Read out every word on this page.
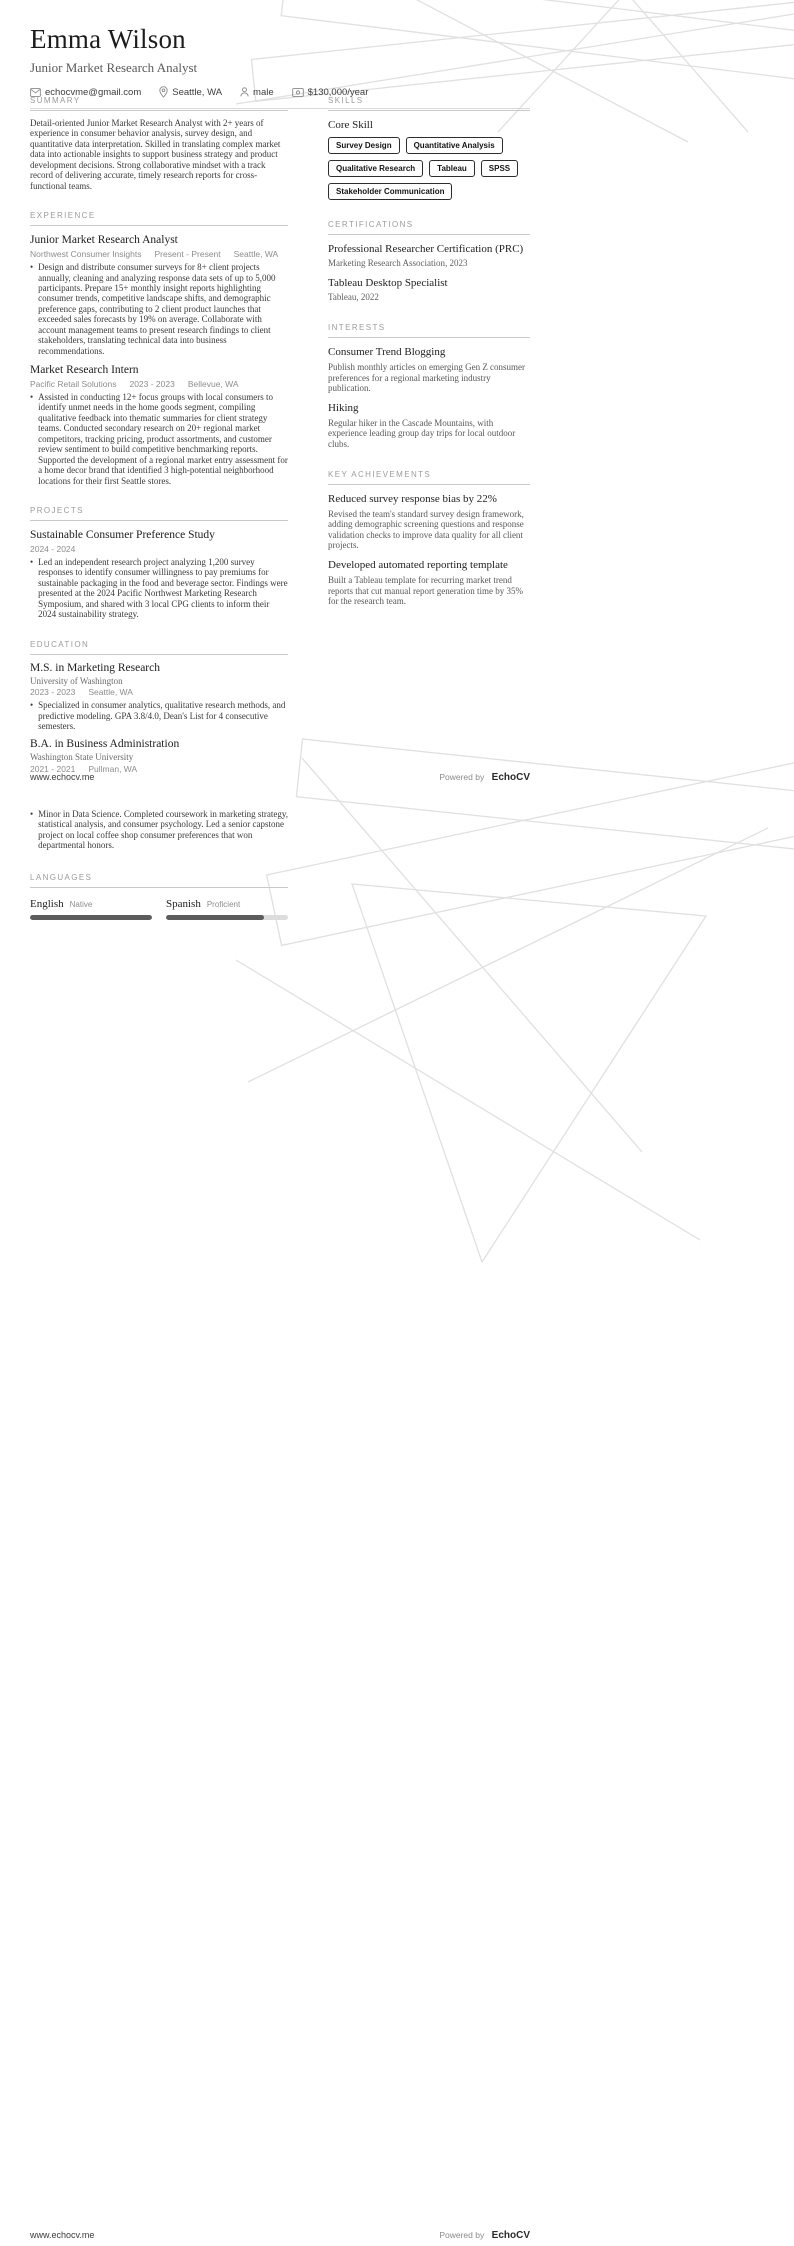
Emma Wilson
Junior Market Research Analyst
echocvme@gmail.com	Seattle, WA	male	$130,000/year
SUMMARY
Detail-oriented Junior Market Research Analyst with 2+ years of experience in consumer behavior analysis, survey design, and quantitative data interpretation. Skilled in translating complex market data into actionable insights to support business strategy and product development decisions. Strong collaborative mindset with a track record of delivering accurate, timely research reports for cross-functional teams.
EXPERIENCE
Junior Market Research Analyst
Northwest Consumer Insights Present - Present Seattle, WA
• Design and distribute consumer surveys for 8+ client projects annually, cleaning and analyzing response data sets of up to 5,000 participants. Prepare 15+ monthly insight reports highlighting consumer trends, competitive landscape shifts, and demographic preference gaps, contributing to 2 client product launches that exceeded sales forecasts by 19% on average. Collaborate with account management teams to present research findings to client stakeholders, translating technical data into business recommendations.
Market Research Intern
Pacific Retail Solutions 2023 - 2023 Bellevue, WA
• Assisted in conducting 12+ focus groups with local consumers to identify unmet needs in the home goods segment, compiling qualitative feedback into thematic summaries for client strategy teams. Conducted secondary research on 20+ regional market competitors, tracking pricing, product assortments, and customer review sentiment to build competitive benchmarking reports. Supported the development of a regional market entry assessment for a home decor brand that identified 3 high-potential neighborhood locations for their first Seattle stores.
PROJECTS
Sustainable Consumer Preference Study
2024 - 2024
• Led an independent research project analyzing 1,200 survey responses to identify consumer willingness to pay premiums for sustainable packaging in the food and beverage sector. Findings were presented at the 2024 Pacific Northwest Marketing Research Symposium, and shared with 3 local CPG clients to inform their 2024 sustainability strategy.
EDUCATION
M.S. in Marketing Research
University of Washington
2023 - 2023 Seattle, WA
• Specialized in consumer analytics, qualitative research methods, and predictive modeling. GPA 3.8/4.0, Dean's List for 4 consecutive semesters.
B.A. in Business Administration
Washington State University
2021 - 2021 Pullman, WA
SKILLS
Core Skill
Survey Design	Quantitative Analysis
Qualitative Research	Tableau	SPSS
Stakeholder Communication
CERTIFICATIONS
Professional Researcher Certification (PRC)
Marketing Research Association, 2023
Tableau Desktop Specialist
Tableau, 2022
INTERESTS
Consumer Trend Blogging
Publish monthly articles on emerging Gen Z consumer preferences for a regional marketing industry publication.
Hiking
Regular hiker in the Cascade Mountains, with experience leading group day trips for local outdoor clubs.
KEY ACHIEVEMENTS
Reduced survey response bias by 22%
Revised the team's standard survey design framework, adding demographic screening questions and response validation checks to improve data quality for all client projects.
Developed automated reporting template
Built a Tableau template for recurring market trend reports that cut manual report generation time by 35% for the research team.
www.echocv.me	Powered by EchoCV
• Minor in Data Science. Completed coursework in marketing strategy, statistical analysis, and consumer psychology. Led a senior capstone project on local coffee shop consumer preferences that won departmental honors.
LANGUAGES
English Native	Spanish Proficient
www.echocv.me	Powered by EchoCV
